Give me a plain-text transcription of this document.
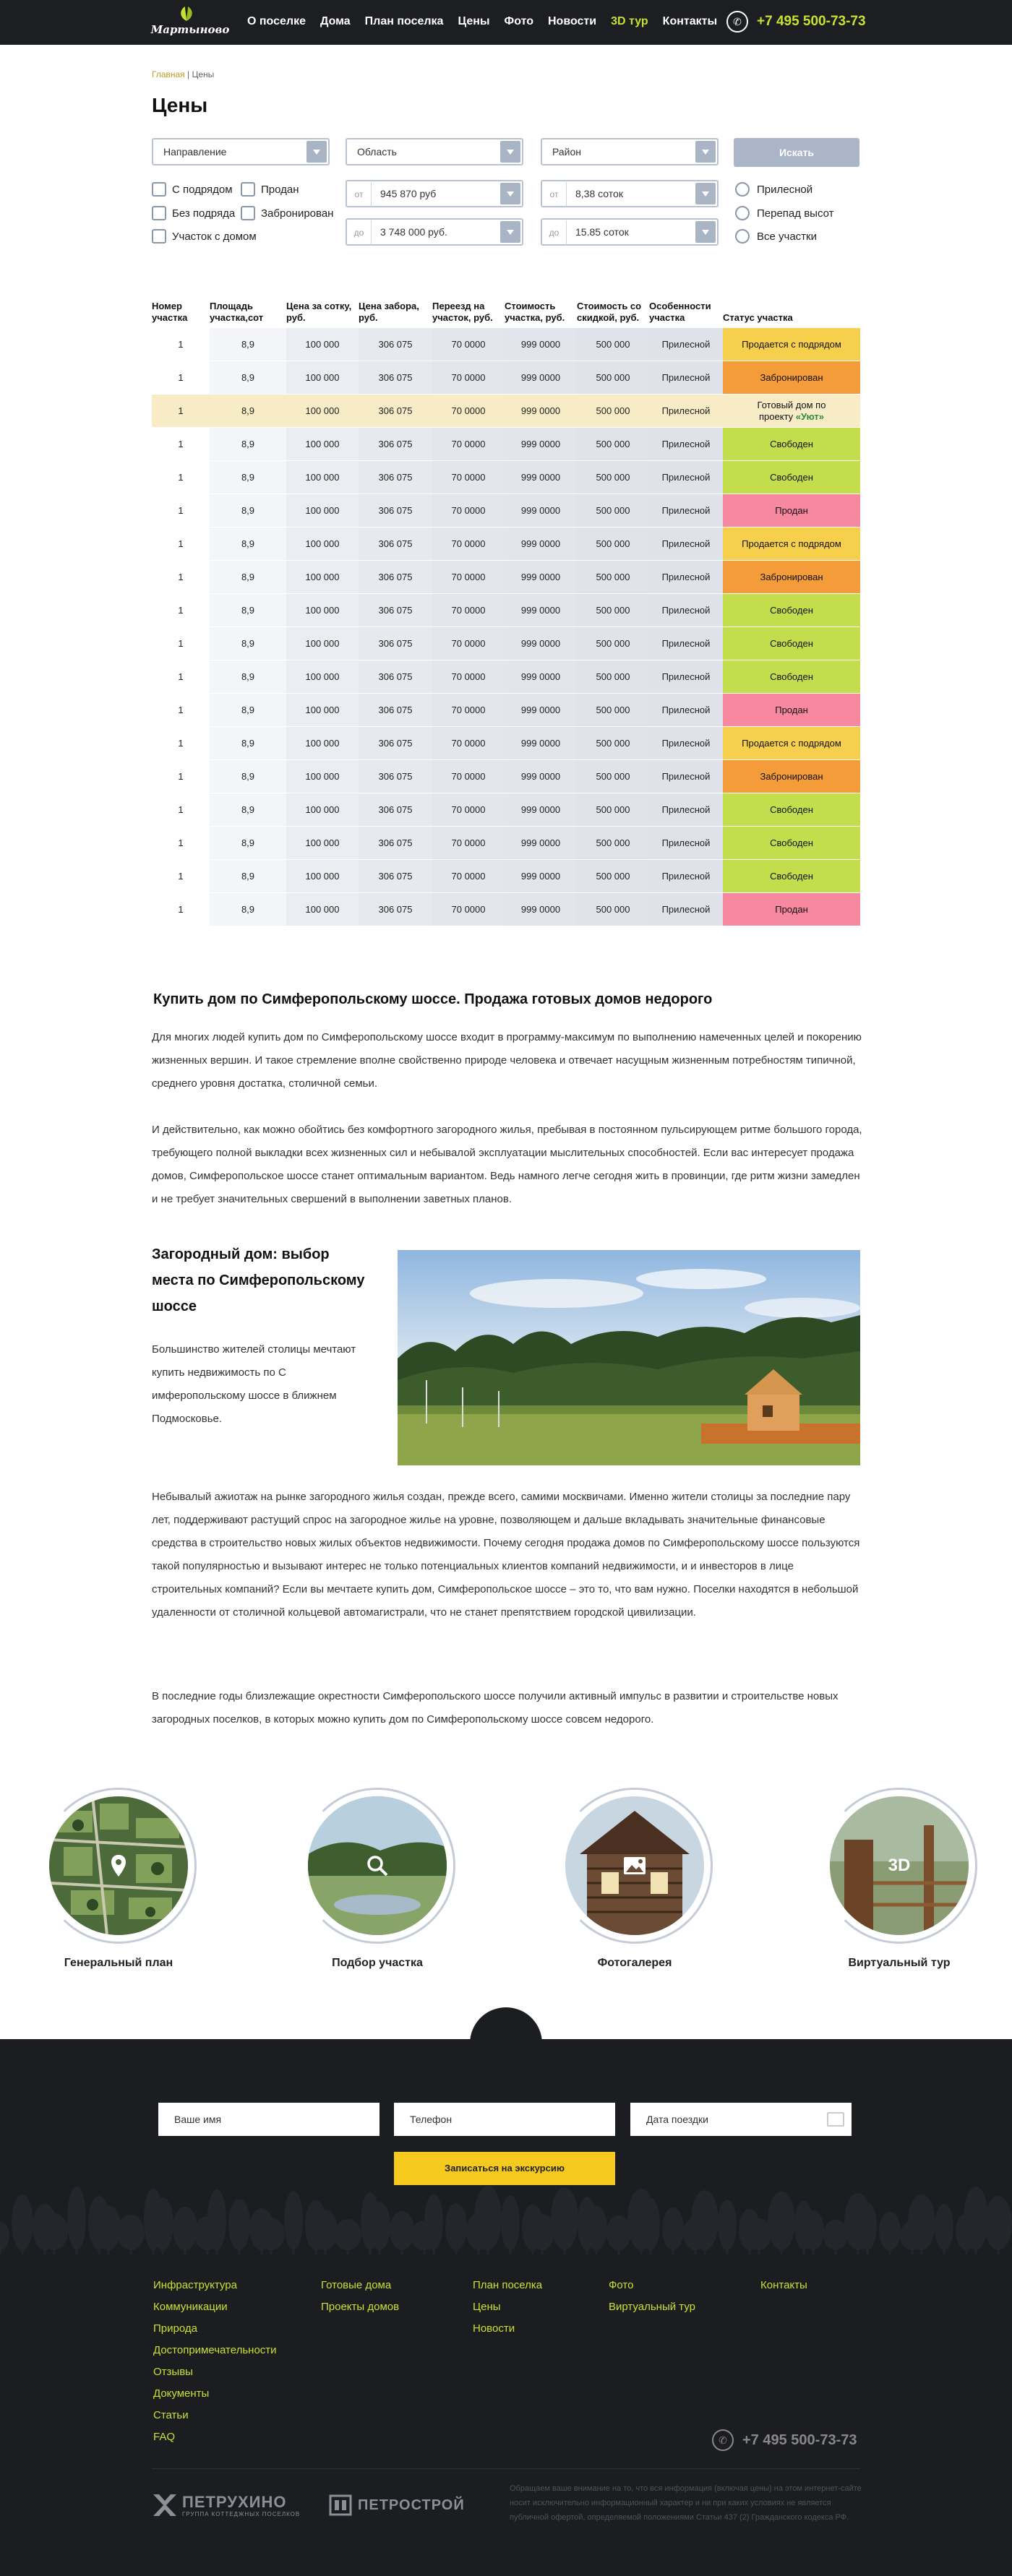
Мартыново
О поселке Дома План поселка Цены Фото Новости 3D тур Контакты	✆	+7 495 500-73-73
Главная | Цены
Цены
Направление	Область	Район	Искать
С подрядом	Продан
Без подряда Забронирован
Участок с домом
от 945 870 руб
до 3 748 000 руб.
от 8,38 соток
до 15.85 соток
Прилесной
Перепад высот
Все участки
Номер участка	Площадь участка,сот	Цена за сотку, руб.	Цена забора, руб.	Переезд на участок, руб.	Стоимость участка, руб.	Стоимость со скидкой, руб.	Особенности участка	Статус участка
1	8,9	100 000	306 075	70 0000	999 0000	500 000	Прилесной	Продается с подрядом
1	8,9	100 000	306 075	70 0000	999 0000	500 000	Прилесной	Забронирован
1	8,9	100 000	306 075	70 0000	999 0000	500 000	Прилесной	Готовый дом по проекту «Уют»
1	8,9	100 000	306 075	70 0000	999 0000	500 000	Прилесной	Свободен
1	8,9	100 000	306 075	70 0000	999 0000	500 000	Прилесной	Свободен
1	8,9	100 000	306 075	70 0000	999 0000	500 000	Прилесной	Продан
1	8,9	100 000	306 075	70 0000	999 0000	500 000	Прилесной	Продается с подрядом
1	8,9	100 000	306 075	70 0000	999 0000	500 000	Прилесной	Забронирован
1	8,9	100 000	306 075	70 0000	999 0000	500 000	Прилесной	Свободен
1	8,9	100 000	306 075	70 0000	999 0000	500 000	Прилесной	Свободен
1	8,9	100 000	306 075	70 0000	999 0000	500 000	Прилесной	Свободен
1	8,9	100 000	306 075	70 0000	999 0000	500 000	Прилесной	Продан
1	8,9	100 000	306 075	70 0000	999 0000	500 000	Прилесной	Продается с подрядом
1	8,9	100 000	306 075	70 0000	999 0000	500 000	Прилесной	Забронирован
1	8,9	100 000	306 075	70 0000	999 0000	500 000	Прилесной	Свободен
1	8,9	100 000	306 075	70 0000	999 0000	500 000	Прилесной	Свободен
1	8,9	100 000	306 075	70 0000	999 0000	500 000	Прилесной	Свободен
1	8,9	100 000	306 075	70 0000	999 0000	500 000	Прилесной	Продан
Купить дом по Симферопольскому шоссе. Продажа готовых домов недорого
Для многих людей купить дом по Симферопольскому шоссе входит в программу-максимум по выполнению намеченных целей и покорению жизненных вершин. И такое стремление вполне свойственно природе человека и отвечает насущным жизненным потребностям типичной, среднего уровня достатка, столичной семьи.
И действительно, как можно обойтись без комфортного загородного жилья, пребывая в постоянном пульсирующем ритме большого города, требующего полной выкладки всех жизненных сил и небывалой эксплуатации мыслительных способностей. Если вас интересует продажа домов, Симферопольское шоссе станет оптимальным вариантом. Ведь намного легче сегодня жить в провинции, где ритм жизни замедлен и не требует значительных свершений в выполнении заветных планов.
Загородный дом: выбор места по Симферопольскому шоссе
Большинство жителей столицы мечтают купить недвижимость по С имферопольскому шоссе в ближнем Подмосковье.
Небывалый ажиотаж на рынке загородного жилья создан, прежде всего, самими москвичами. Именно жители столицы за последние пару лет, поддерживают растущий спрос на загородное жилье на уровне, позволяющем и дальше вкладывать значительные финансовые средства в строительство новых жилых объектов недвижимости. Почему сегодня продажа домов по Симферопольскому шоссе пользуются такой популярностью и вызывают интерес не только потенциальных клиентов компаний недвижимости, и и инвесторов в лице строительных компаний? Если вы мечтаете купить дом, Симферопольское шоссе – это то, что вам нужно. Поселки находятся в небольшой удаленности от столичной кольцевой автомагистрали, что не станет препятствием городской цивилизации.
В последние годы близлежащие окрестности Симферопольского шоссе получили активный импульс в развитии и строительстве новых загородных поселков, в которых можно купить дом по Симферопольскому шоссе совсем недорого.
Генеральный план	Подбор участка	Фотогалерея
3D
Виртуальный тур
Ваше имя	Телефон	Дата поездки
Записаться на экскурсию
Инфраструктура
Коммуникации
Природа
Достопримечательности
Отзывы
Документы
Статьи
FAQ
Готовые дома
Проекты домов
План поселка
Цены
Новости
Фото
Виртуальный тур
Контакты
✆	+7 495 500-73-73
ПЕТРУХИНО
ГРУППА КОТТЕДЖНЫХ ПОСЕЛКОВ
ПЕТРОСТРОЙ
Обращаем ваше внимание на то, что вся информация (включая цены) на этом интернет-сайте носит исключительно информационный характер и ни при каких условиях не является публичной офертой, определяемой положениями Статьи 437 (2) Гражданского кодекса РФ.
